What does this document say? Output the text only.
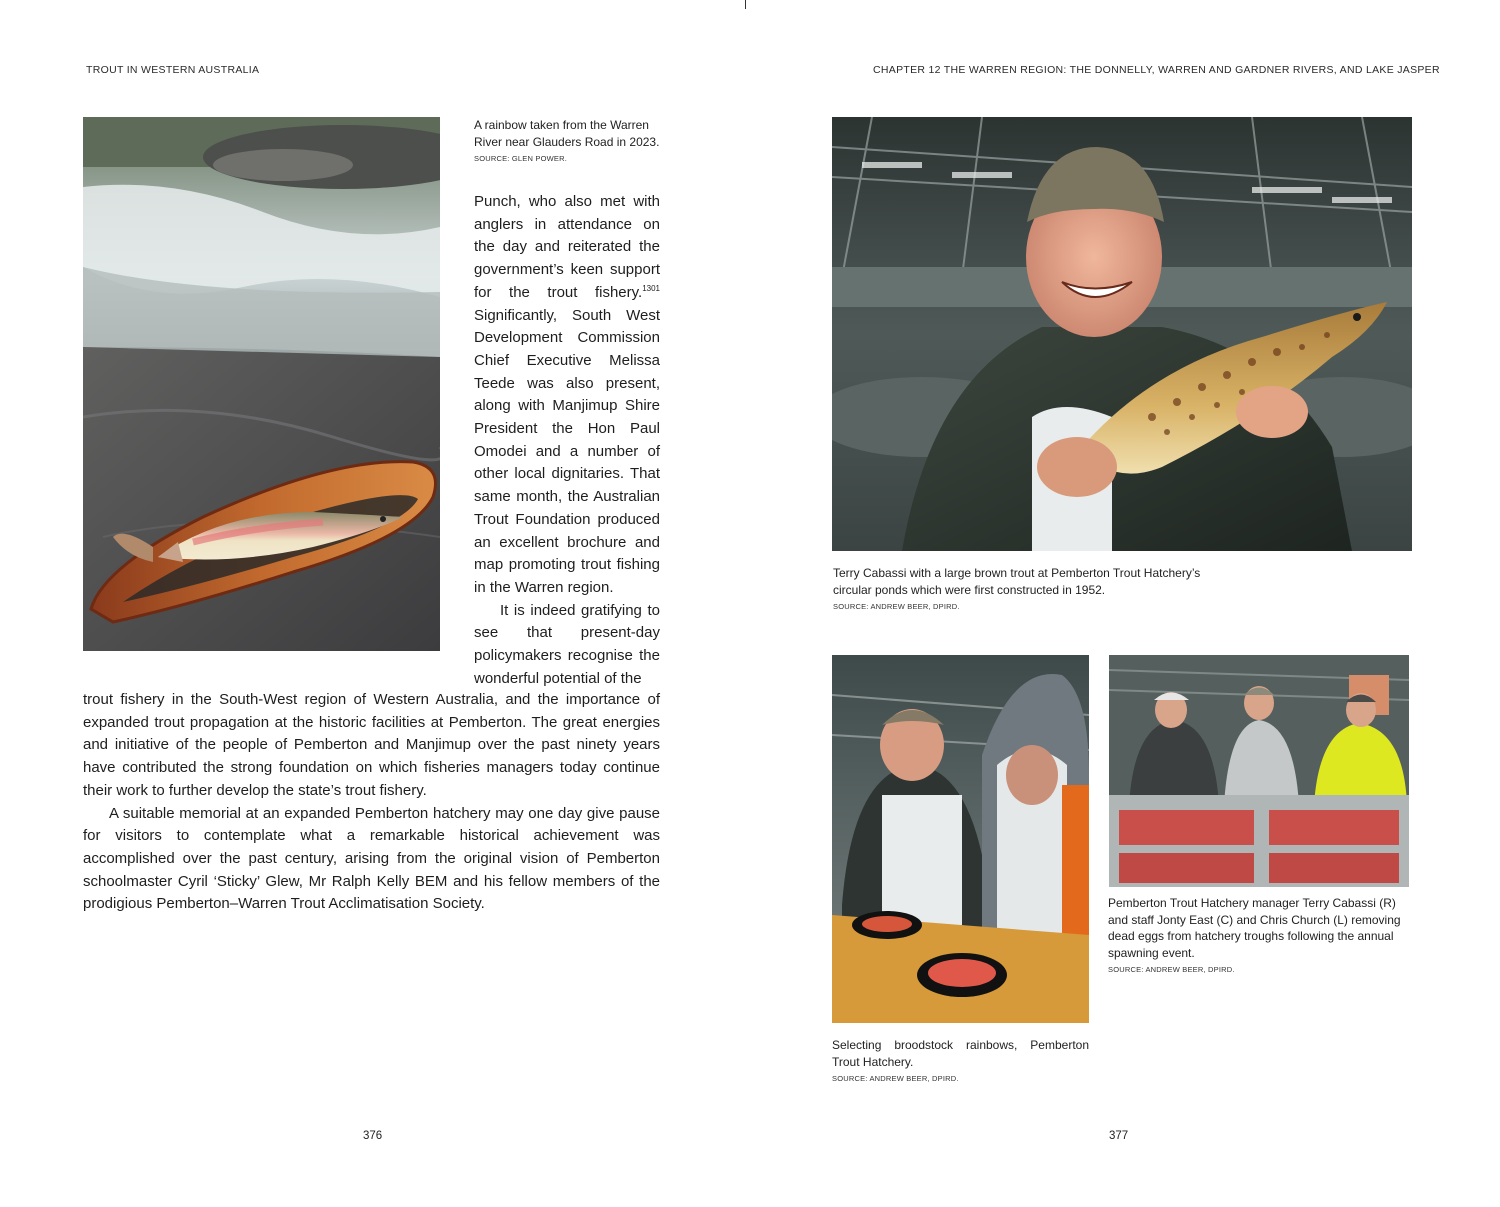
TROUT IN WESTERN AUSTRALIA
A rainbow taken from the Warren River near Glauders Road in 2023.
SOURCE: GLEN POWER.

Punch, who also met with anglers in attendance on the day and reiterated the government’s keen support for the trout fishery.$^{1301}$ Significantly, South West Development Commission Chief Executive Melissa Teede was also present, along with Manjimup Shire President the Hon Paul Omodei and a number of other local dignitaries. That same month, the Australian Trout Foundation produced an excellent brochure and map promoting trout fishing in the Warren region.

It is indeed gratifying to see that present-day policymakers recognise the wonderful potential of the

trout fishery in the South-West region of Western Australia, and the importance of expanded trout propagation at the historic facilities at Pemberton. The great energies and initiative of the people of Pemberton and Manjimup over the past ninety years have contributed the strong foundation on which fisheries managers today continue their work to further develop the state’s trout fishery.

A suitable memorial at an expanded Pemberton hatchery may one day give pause for visitors to contemplate what a remarkable historical achievement was accomplished over the past century, arising from the original vision of Pemberton schoolmaster Cyril ‘Sticky’ Glew, Mr Ralph Kelly BEM and his fellow members of the prodigious Pemberton–Warren Trout Acclimatisation Society.

376
CHAPTER 12 THE WARREN REGION: THE DONNELLY, WARREN AND GARDNER RIVERS, AND LAKE JASPER
Terry Cabassi with a large brown trout at Pemberton Trout Hatchery’s circular ponds which were first constructed in 1952.
SOURCE: ANDREW BEER, DPIRD.
Selecting broodstock rainbows, Pemberton Trout Hatchery.
SOURCE: ANDREW BEER, DPIRD.
Pemberton Trout Hatchery manager Terry Cabassi (R) and staff Jonty East (C) and Chris Church (L) removing dead eggs from hatchery troughs following the annual spawning event.
SOURCE: ANDREW BEER, DPIRD.
377
